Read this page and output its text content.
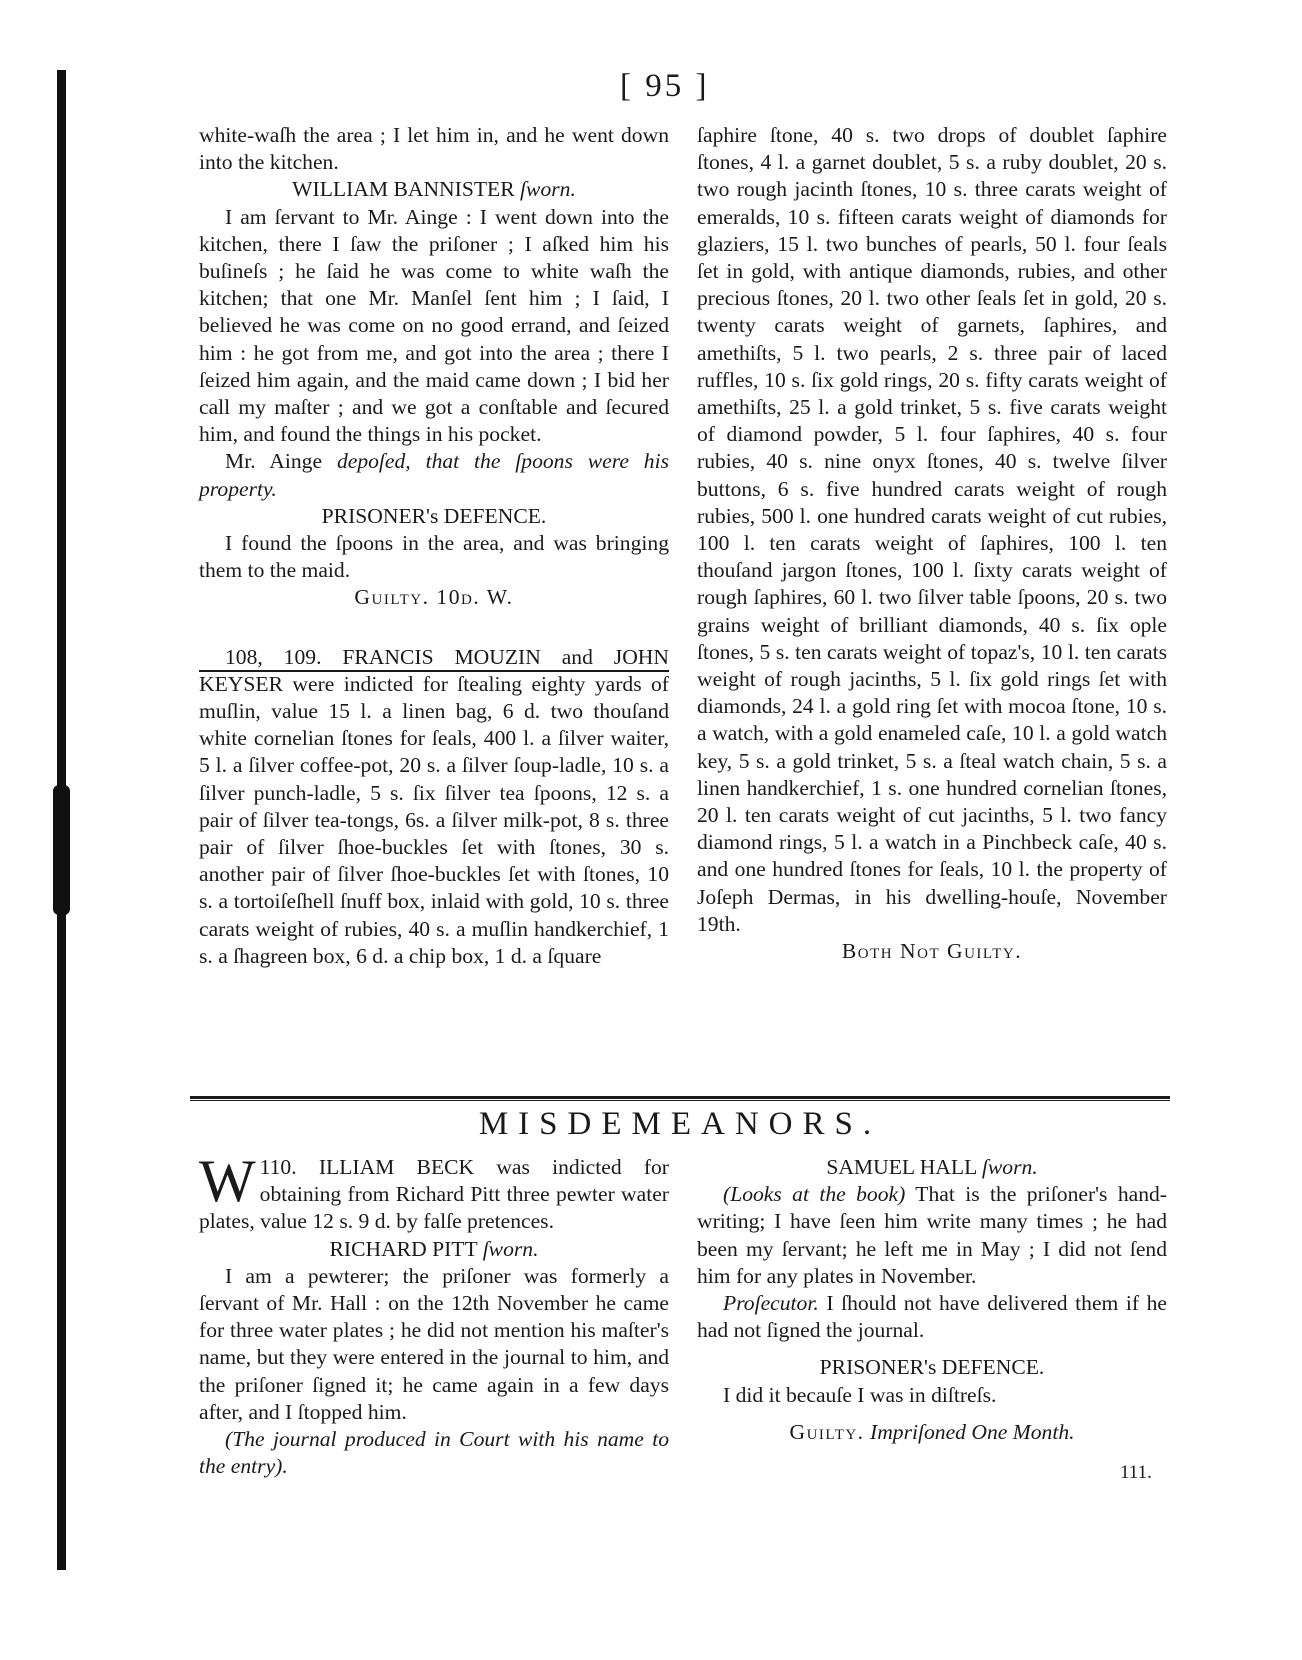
[ 95 ]

white-waſh the area ; I let him in, and he went down into the kitchen.

WILLIAM BANNISTER ſworn.

I am ſervant to Mr. Ainge : I went down into the kitchen, there I ſaw the priſoner ; I aſked him his buſineſs ; he ſaid he was come to white waſh the kitchen; that one Mr. Manſel ſent him ; I ſaid, I believed he was come on no good errand, and ſeized him : he got from me, and got into the area ; there I ſeized him again, and the maid came down ; I bid her call my maſter ; and we got a conſtable and ſecured him, and found the things in his pocket.

Mr. Ainge depoſed, that the ſpoons were his property.

PRISONER's DEFENCE.

I found the ſpoons in the area, and was bringing them to the maid.

Guilty. 10d. W.

108, 109. FRANCIS MOUZIN and JOHN KEYSER were indicted for ſtealing eighty yards of muſlin, value 15 l. a linen bag, 6 d. two thouſand white cornelian ſtones for ſeals, 400 l. a ſilver waiter, 5 l. a ſilver coffee-pot, 20 s. a ſilver ſoup-ladle, 10 s. a ſilver punch-ladle, 5 s. ſix ſilver tea ſpoons, 12 s. a pair of ſilver tea-tongs, 6s. a ſilver milk-pot, 8 s. three pair of ſilver ſhoe-buckles ſet with ſtones, 30 s. another pair of ſilver ſhoe-buckles ſet with ſtones, 10 s. a tortoiſeſhell ſnuff box, inlaid with gold, 10 s. three carats weight of rubies, 40 s. a muſlin handkerchief, 1 s. a ſhagreen box, 6 d. a chip box, 1 d. a ſquare

ſaphire ſtone, 40 s. two drops of doublet ſaphire ſtones, 4 l. a garnet doublet, 5 s. a ruby doublet, 20 s. two rough jacinth ſtones, 10 s. three carats weight of emeralds, 10 s. fifteen carats weight of diamonds for glaziers, 15 l. two bunches of pearls, 50 l. four ſeals ſet in gold, with antique diamonds, rubies, and other precious ſtones, 20 l. two other ſeals ſet in gold, 20 s. twenty carats weight of garnets, ſaphires, and amethiſts, 5 l. two pearls, 2 s. three pair of laced ruffles, 10 s. ſix gold rings, 20 s. fifty carats weight of amethiſts, 25 l. a gold trinket, 5 s. five carats weight of diamond powder, 5 l. four ſaphires, 40 s. four rubies, 40 s. nine onyx ſtones, 40 s. twelve ſilver buttons, 6 s. five hundred carats weight of rough rubies, 500 l. one hundred carats weight of cut rubies, 100 l. ten carats weight of ſaphires, 100 l. ten thouſand jargon ſtones, 100 l. ſixty carats weight of rough ſaphires, 60 l. two ſilver table ſpoons, 20 s. two grains weight of brilliant diamonds, 40 s. ſix ople ſtones, 5 s. ten carats weight of topaz's, 10 l. ten carats weight of rough jacinths, 5 l. ſix gold rings ſet with diamonds, 24 l. a gold ring ſet with mocoa ſtone, 10 s. a watch, with a gold enameled caſe, 10 l. a gold watch key, 5 s. a gold trinket, 5 s. a ſteal watch chain, 5 s. a linen handkerchief, 1 s. one hundred cornelian ſtones, 20 l. ten carats weight of cut jacinths, 5 l. two fancy diamond rings, 5 l. a watch in a Pinchbeck caſe, 40 s. and one hundred ſtones for ſeals, 10 l. the property of Joſeph Dermas, in his dwelling-houſe, November 19th.

Both Not Guilty.

MISDEMEANORS.

110.
W	ILLIAM BECK was indicted for obtaining from Richard Pitt three pewter water plates, value 12 s. 9 d. by falſe pretences.

RICHARD PITT ſworn.

I am a pewterer; the priſoner was formerly a ſervant of Mr. Hall : on the 12th November he came for three water plates ; he did not mention his maſter's name, but they were entered in the journal to him, and the priſoner ſigned it; he came again in a few days after, and I ſtopped him.

(The journal produced in Court with his name to the entry).

SAMUEL HALL ſworn.

(Looks at the book) That is the priſoner's hand-writing; I have ſeen him write many times ; he had been my ſervant; he left me in May ; I did not ſend him for any plates in November.

Proſecutor. I ſhould not have delivered them if he had not ſigned the journal.

PRISONER's DEFENCE.

I did it becauſe I was in diſtreſs.

Guilty. Impriſoned One Month.

111.
